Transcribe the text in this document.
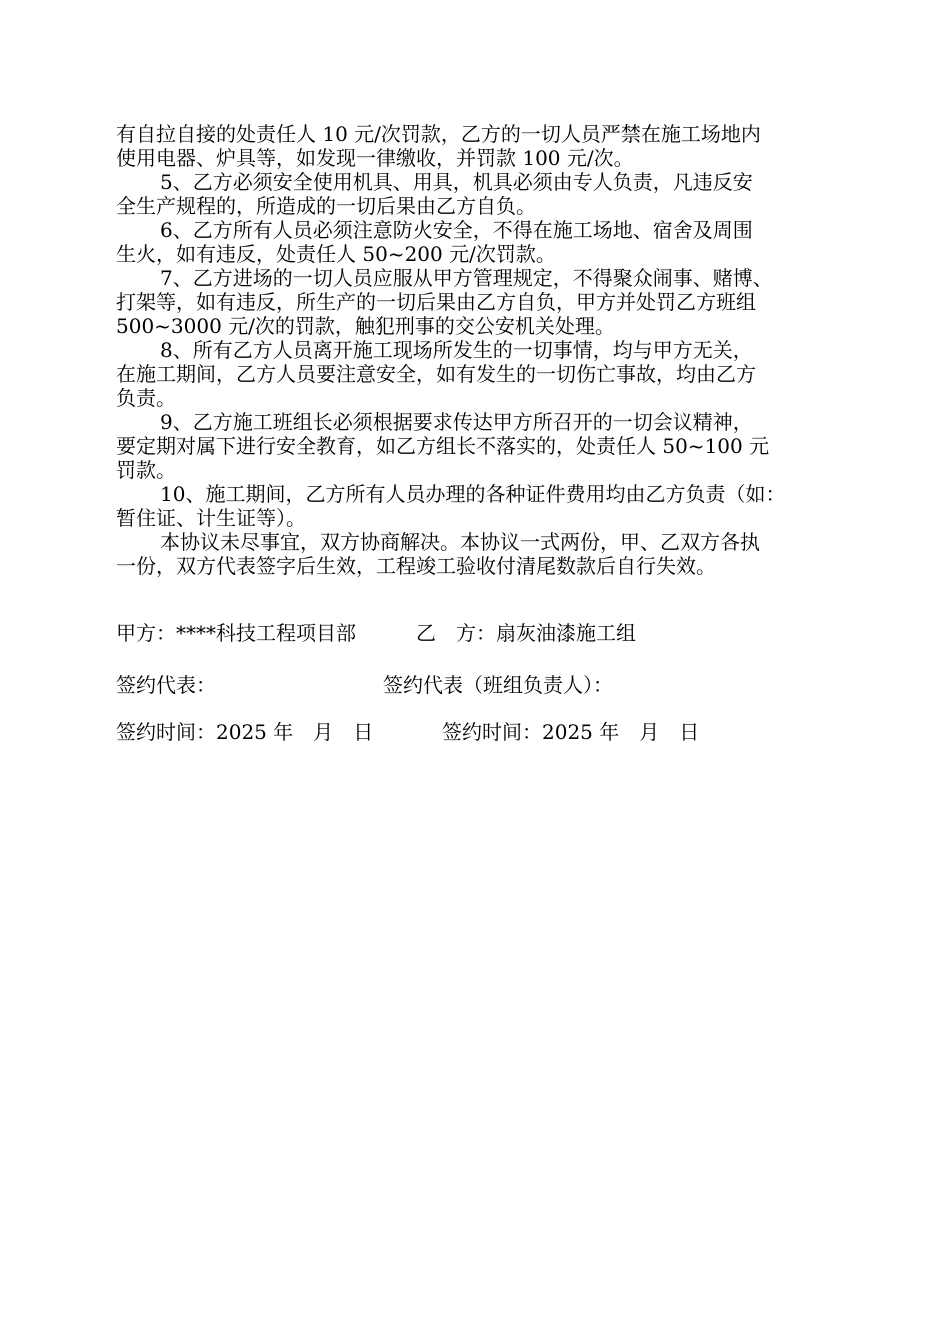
有自拉自接的处责任人 10 元/次罚款，乙方的一切人员严禁在施工场地内
使用电器、炉具等，如发现一律缴收，并罚款 100 元/次。
5、乙方必须安全使用机具、用具，机具必须由专人负责，凡违反安
全生产规程的，所造成的一切后果由乙方自负。
6、乙方所有人员必须注意防火安全，不得在施工场地、宿舍及周围
生火，如有违反，处责任人 50~200 元/次罚款。
7、乙方进场的一切人员应服从甲方管理规定，不得聚众闹事、赌博、
打架等，如有违反，所生产的一切后果由乙方自负，甲方并处罚乙方班组
500~3000 元/次的罚款，触犯刑事的交公安机关处理。
8、所有乙方人员离开施工现场所发生的一切事情，均与甲方无关，
在施工期间，乙方人员要注意安全，如有发生的一切伤亡事故，均由乙方
负责。
9、乙方施工班组长必须根据要求传达甲方所召开的一切会议精神，
要定期对属下进行安全教育，如乙方组长不落实的，处责任人 50~100 元
罚款。
10、施工期间，乙方所有人员办理的各种证件费用均由乙方负责（如：
暂住证、计生证等）。
本协议未尽事宜，双方协商解决。本协议一式两份，甲、乙双方各执
一份，双方代表签字后生效，工程竣工验收付清尾数款后自行失效。
甲方：****科技工程项目部	乙　方：扇灰油漆施工组
签约代表：	签约代表（班组负责人）：
签约时间：2025 年　月　日	签约时间：2025 年　月　日
